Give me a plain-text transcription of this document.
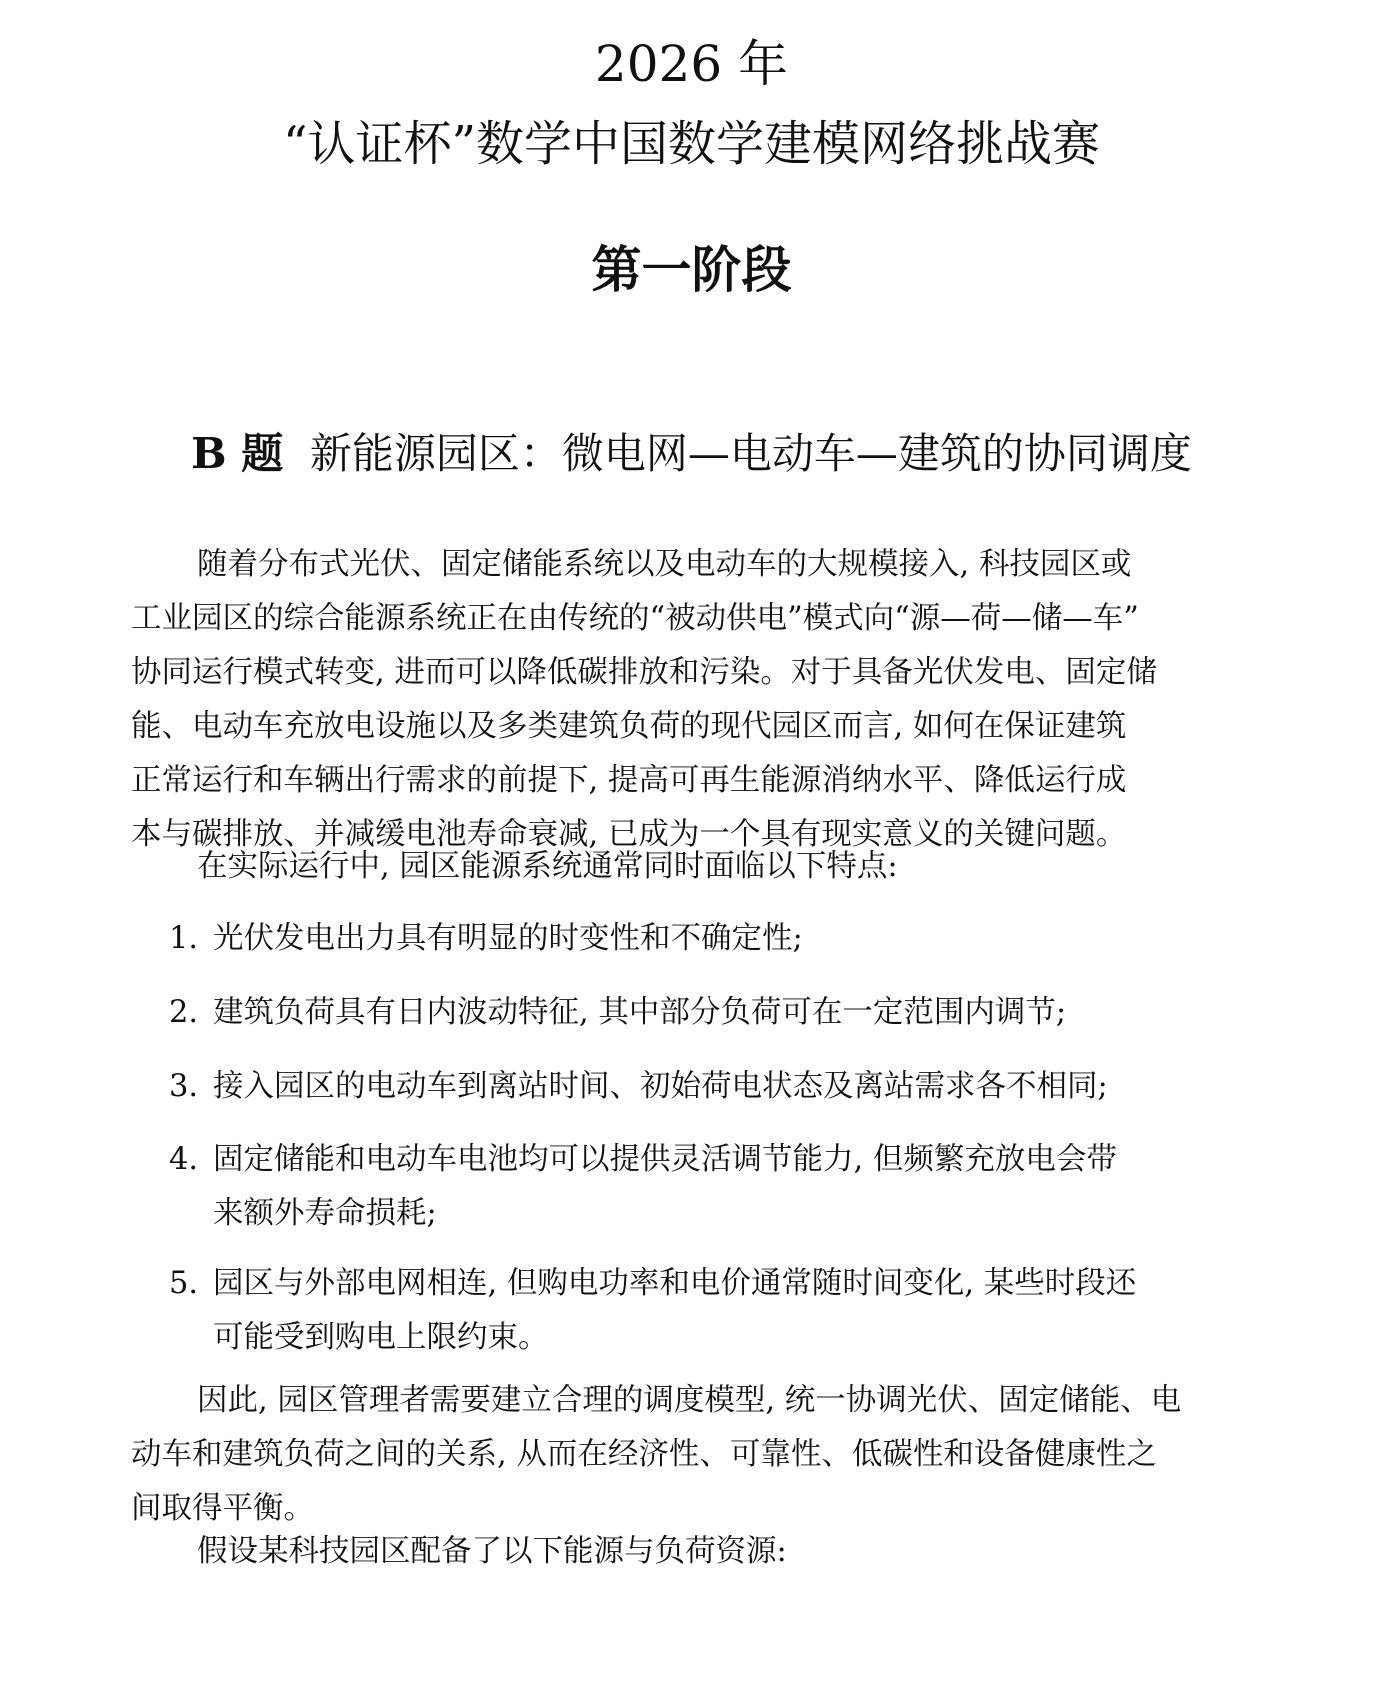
2026 年
“认证杯”数学中国数学建模网络挑战赛
第一阶段
B 题 新能源园区：微电网—电动车—建筑的协同调度

随着分布式光伏、固定储能系统以及电动车的大规模接入, 科技园区或

工业园区的综合能源系统正在由传统的“被动供电”模式向“源—荷—储—车”

协同运行模式转变, 进而可以降低碳排放和污染。对于具备光伏发电、固定储

能、电动车充放电设施以及多类建筑负荷的现代园区而言, 如何在保证建筑

正常运行和车辆出行需求的前提下, 提高可再生能源消纳水平、降低运行成

本与碳排放、并减缓电池寿命衰减, 已成为一个具有现实意义的关键问题。

在实际运行中, 园区能源系统通常同时面临以下特点:

1. 光伏发电出力具有明显的时变性和不确定性;
2. 建筑负荷具有日内波动特征, 其中部分负荷可在一定范围内调节;
3. 接入园区的电动车到离站时间、初始荷电状态及离站需求各不相同;
4. 固定储能和电动车电池均可以提供灵活调节能力, 但频繁充放电会带
来额外寿命损耗;
5. 园区与外部电网相连, 但购电功率和电价通常随时间变化, 某些时段还
可能受到购电上限约束。

因此, 园区管理者需要建立合理的调度模型, 统一协调光伏、固定储能、电

动车和建筑负荷之间的关系, 从而在经济性、可靠性、低碳性和设备健康性之

间取得平衡。

假设某科技园区配备了以下能源与负荷资源:
